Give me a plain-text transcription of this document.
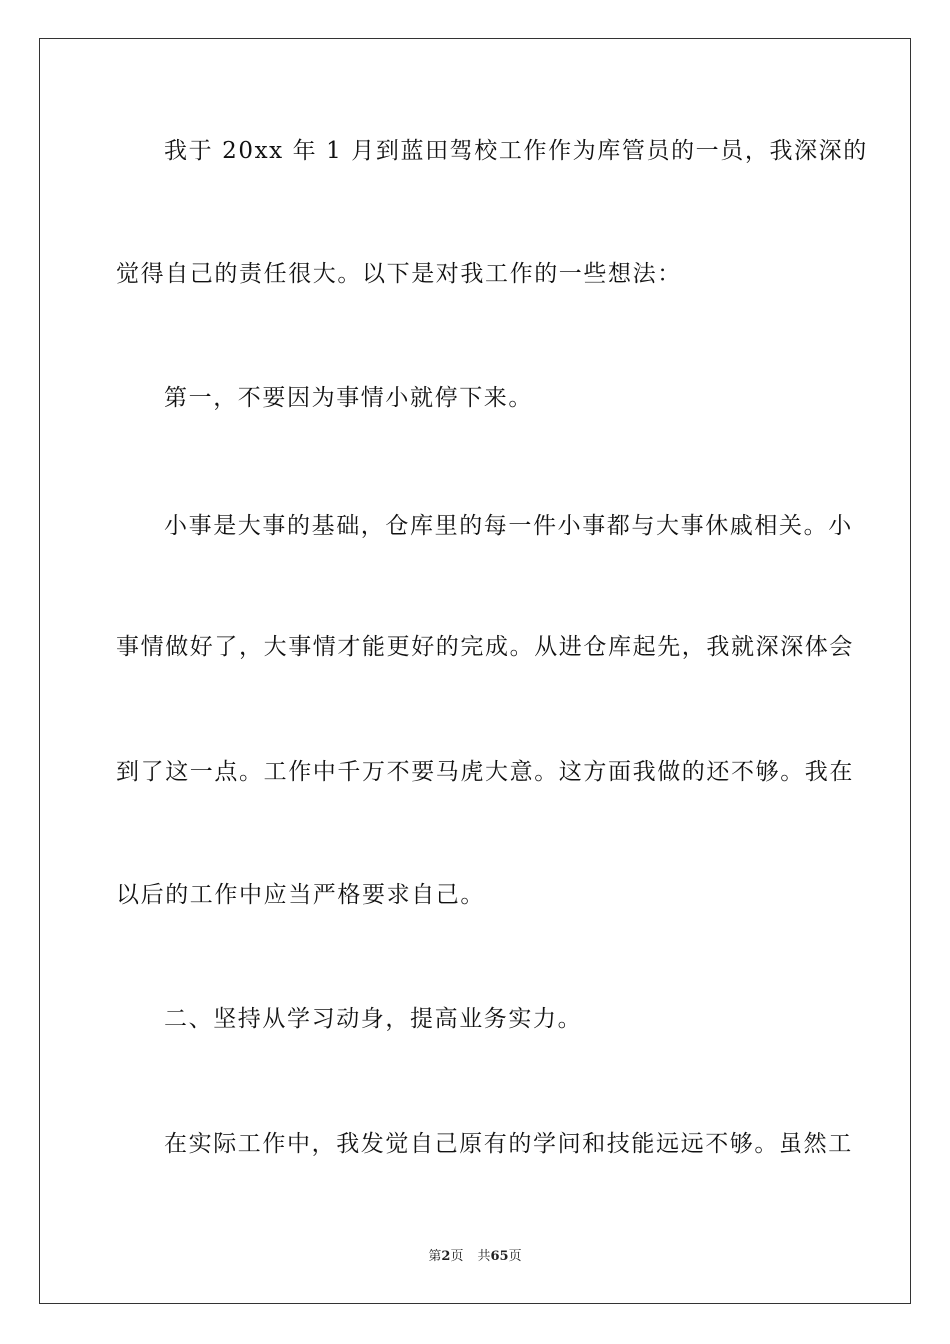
我于 20xx 年 1 月到蓝田驾校工作作为库管员的一员，我深深的
觉得自己的责任很大。以下是对我工作的一些想法：
第一，不要因为事情小就停下来。
小事是大事的基础，仓库里的每一件小事都与大事休戚相关。小
事情做好了，大事情才能更好的完成。从进仓库起先，我就深深体会
到了这一点。工作中千万不要马虎大意。这方面我做的还不够。我在
以后的工作中应当严格要求自己。
二、坚持从学习动身，提高业务实力。
在实际工作中，我发觉自己原有的学问和技能远远不够。虽然工
第2页 共65页
